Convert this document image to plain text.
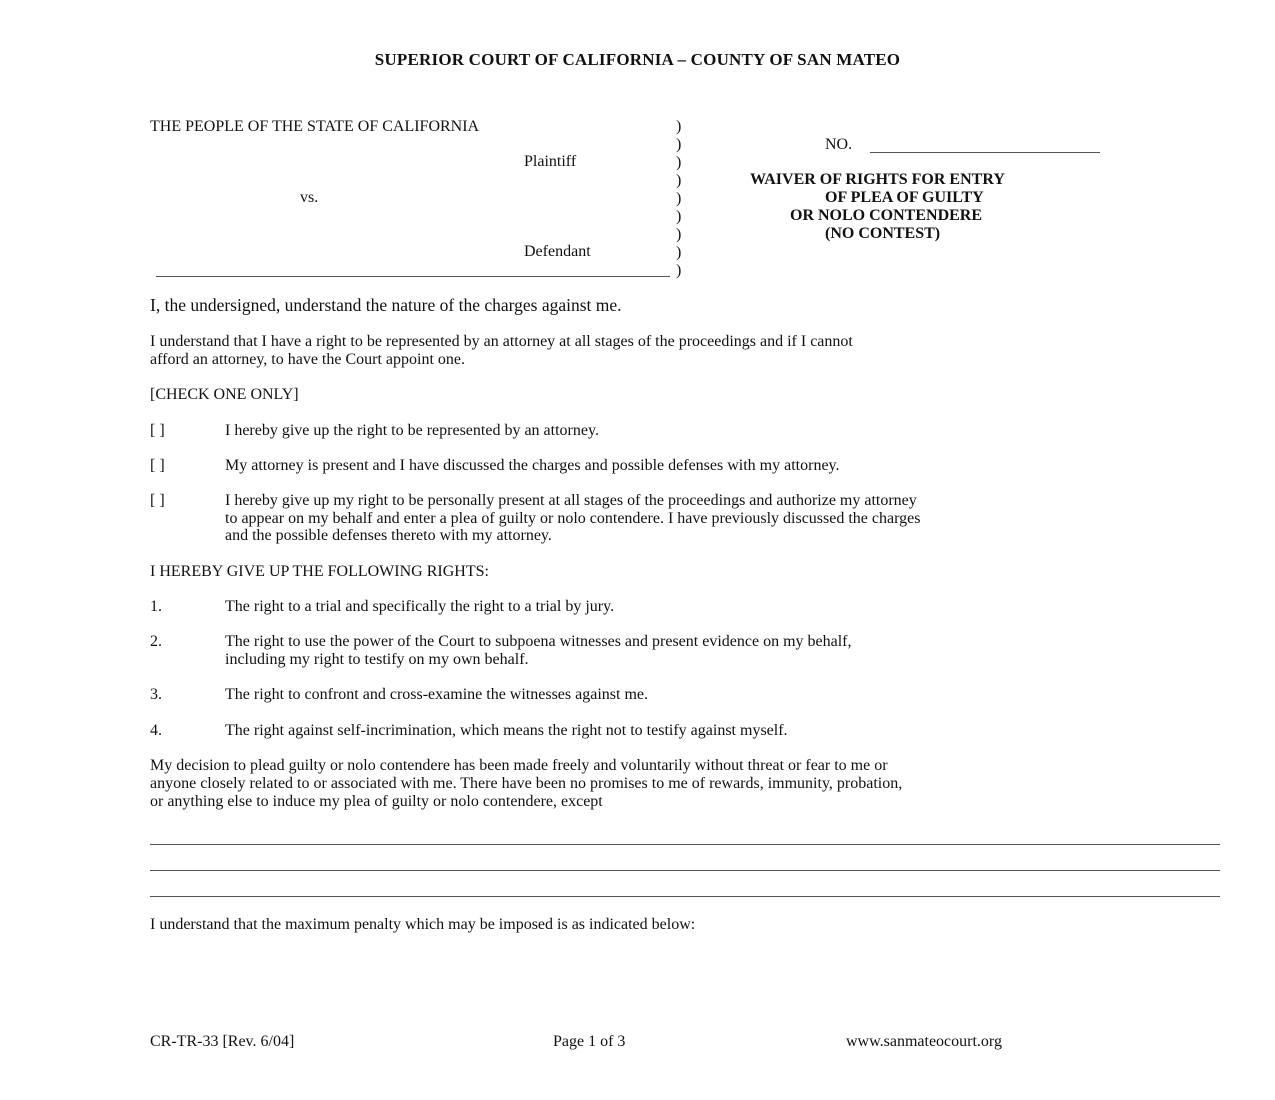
SUPERIOR COURT OF CALIFORNIA – COUNTY OF SAN MATEO
THE PEOPLE OF THE STATE OF CALIFORNIA
Plaintiff
vs.
Defendant
)
)
)
)
)
)
)
)
)
NO.
WAIVER OF RIGHTS FOR ENTRY
OF PLEA OF GUILTY
OR NOLO CONTENDERE
(NO CONTEST)
I, the undersigned, understand the nature of the charges against me.
I understand that I have a right to be represented by an attorney at all stages of the proceedings and if I cannot
afford an attorney, to have the Court appoint one.
[CHECK ONE ONLY]
[ ]	I hereby give up the right to be represented by an attorney.
[ ]	My attorney is present and I have discussed the charges and possible defenses with my attorney.
[ ]	I hereby give up my right to be personally present at all stages of the proceedings and authorize my attorney
to appear on my behalf and enter a plea of guilty or nolo contendere. I have previously discussed the charges
and the possible defenses thereto with my attorney.
I HEREBY GIVE UP THE FOLLOWING RIGHTS:
1.	The right to a trial and specifically the right to a trial by jury.
2.	The right to use the power of the Court to subpoena witnesses and present evidence on my behalf,
including my right to testify on my own behalf.
3.	The right to confront and cross-examine the witnesses against me.
4.	The right against self-incrimination, which means the right not to testify against myself.
My decision to plead guilty or nolo contendere has been made freely and voluntarily without threat or fear to me or
anyone closely related to or associated with me. There have been no promises to me of rewards, immunity, probation,
or anything else to induce my plea of guilty or nolo contendere, except
I understand that the maximum penalty which may be imposed is as indicated below:
CR-TR-33 [Rev. 6/04]	Page 1 of 3	www.sanmateocourt.org
